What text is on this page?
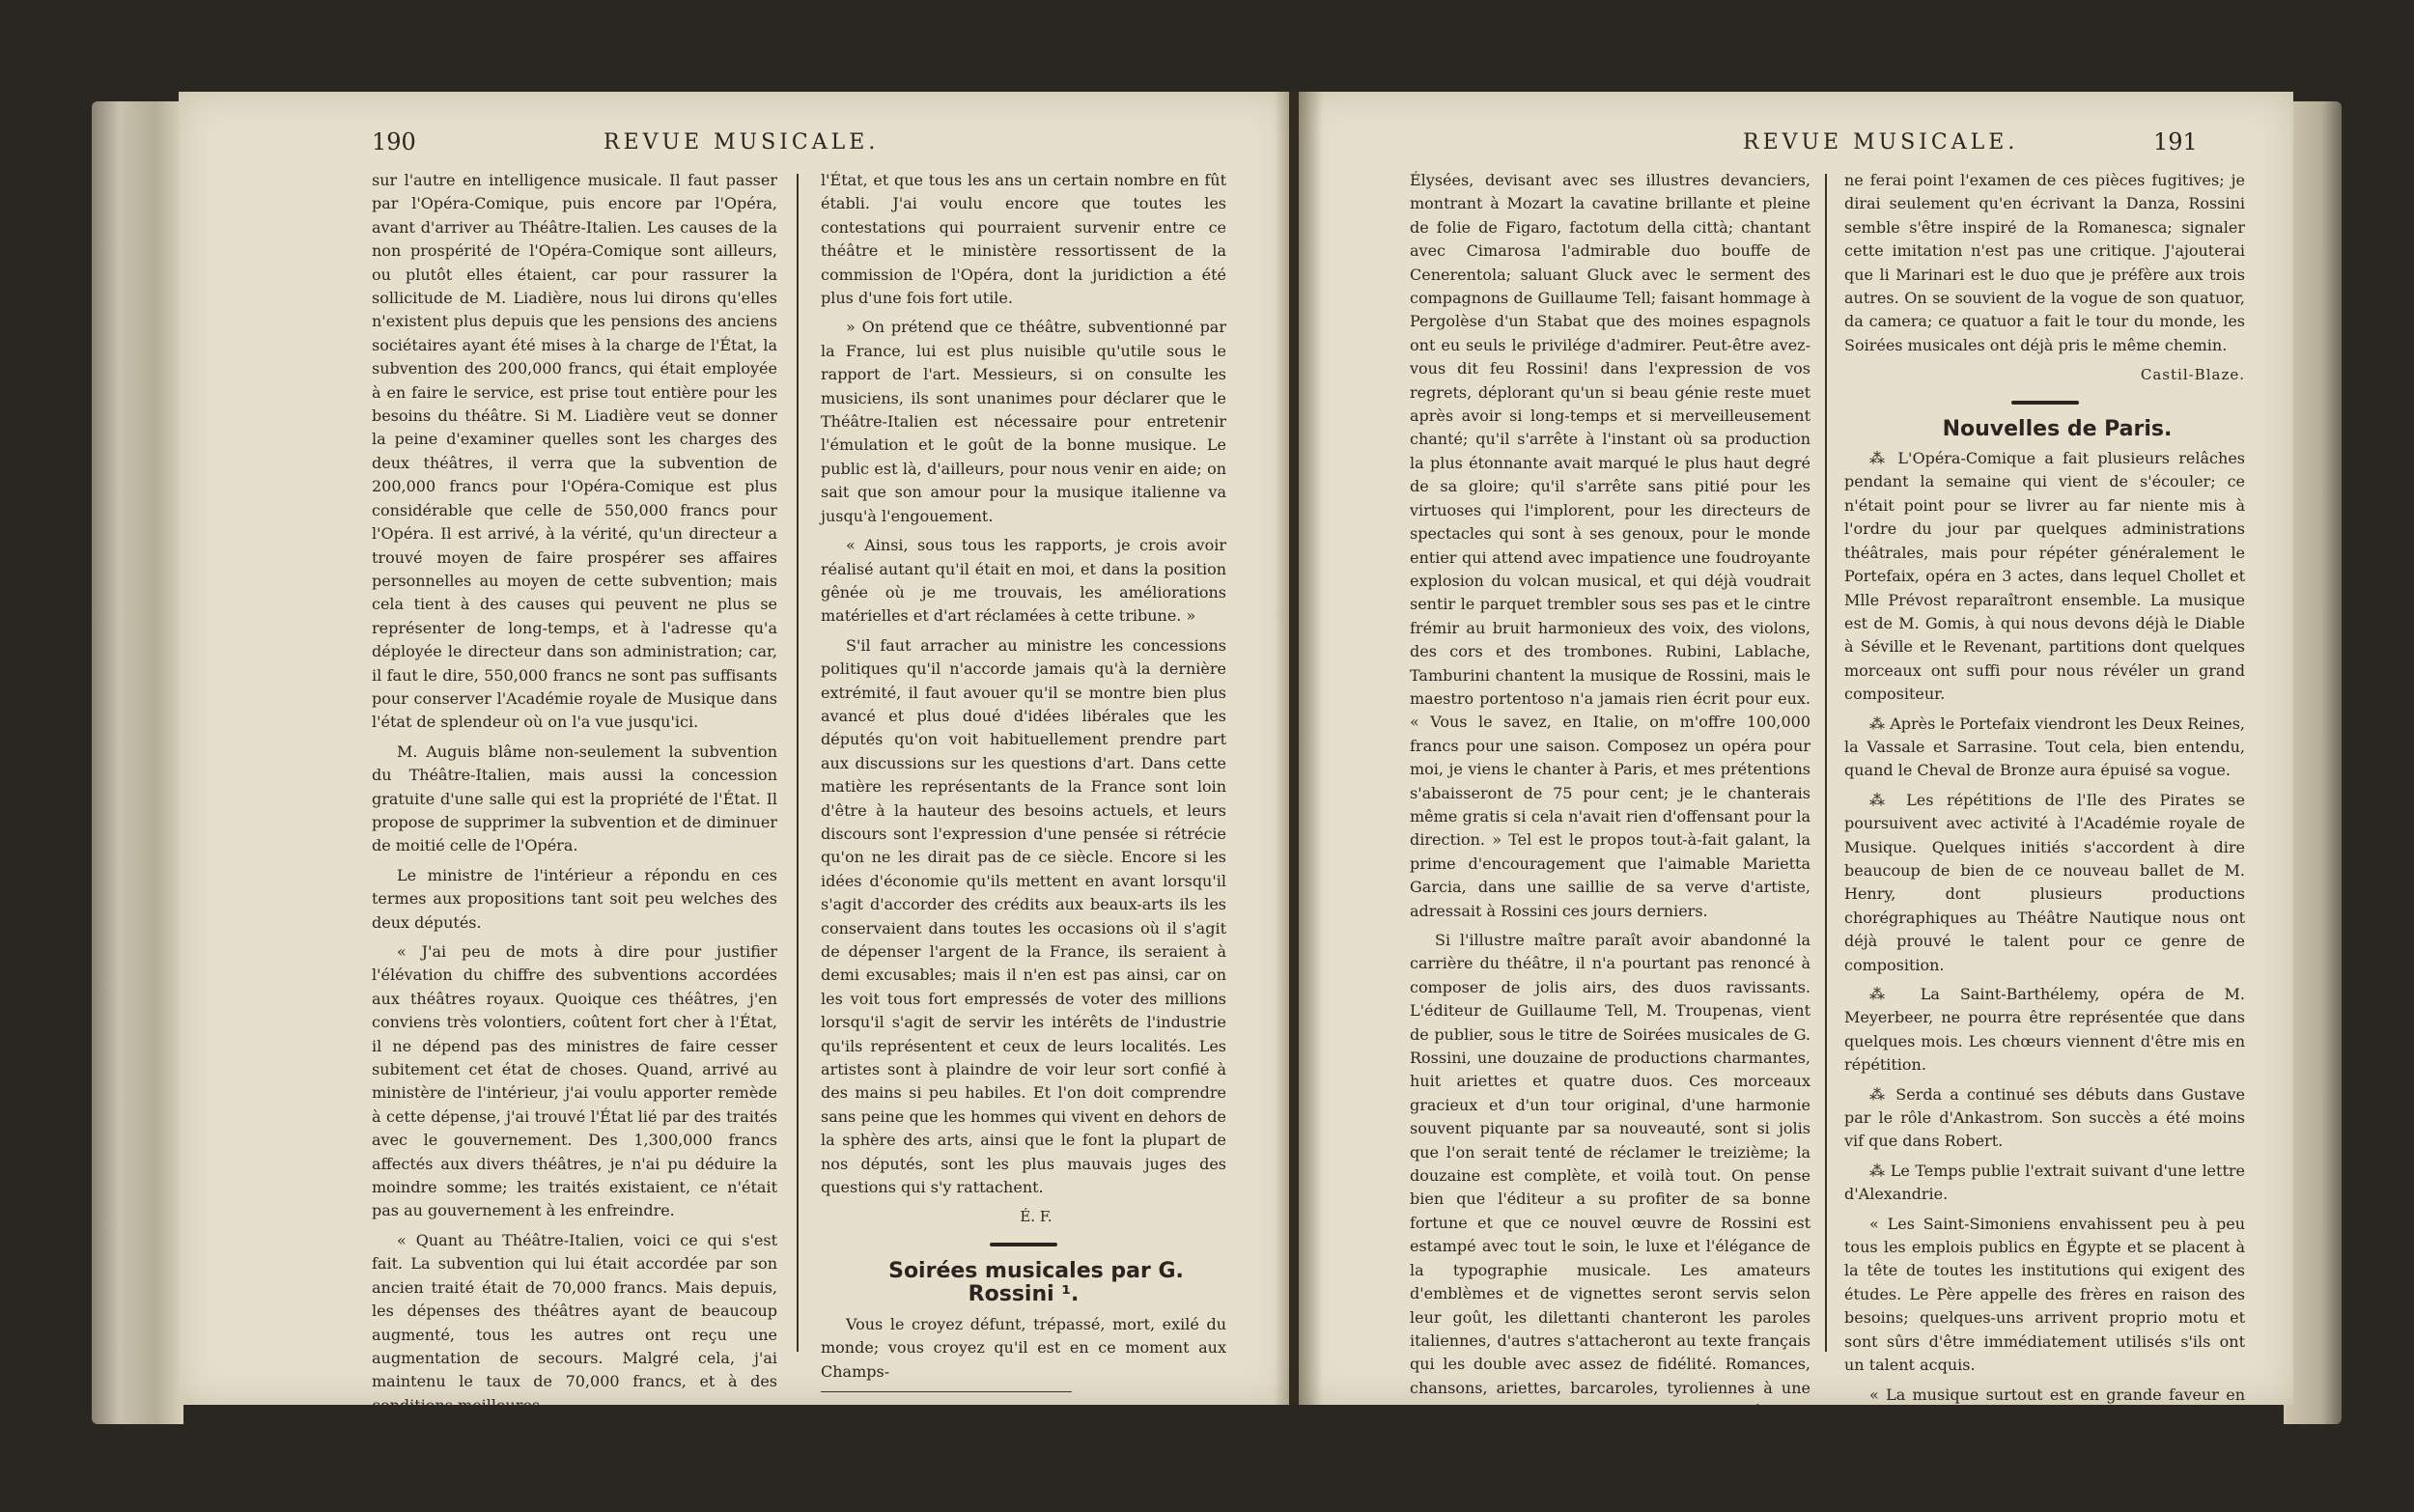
190	REVUE MUSICALE.

sur l'autre en intelligence musicale. Il faut passer par l'Opéra-Comique, puis encore par l'Opéra, avant d'arriver au Théâtre-Italien. Les causes de la non prospérité de l'Opéra-Comique sont ailleurs, ou plutôt elles étaient, car pour rassurer la sollicitude de M. Liadière, nous lui dirons qu'elles n'existent plus depuis que les pensions des anciens sociétaires ayant été mises à la charge de l'État, la subvention des 200,000 francs, qui était employée à en faire le service, est prise tout entière pour les besoins du théâtre. Si M. Liadière veut se donner la peine d'examiner quelles sont les charges des deux théâtres, il verra que la subvention de 200,000 francs pour l'Opéra-Comique est plus considérable que celle de 550,000 francs pour l'Opéra. Il est arrivé, à la vérité, qu'un directeur a trouvé moyen de faire prospérer ses affaires personnelles au moyen de cette subvention; mais cela tient à des causes qui peuvent ne plus se représenter de long-temps, et à l'adresse qu'a déployée le directeur dans son administration; car, il faut le dire, 550,000 francs ne sont pas suffisants pour conserver l'Académie royale de Musique dans l'état de splendeur où on l'a vue jusqu'ici.

M. Auguis blâme non-seulement la subvention du Théâtre-Italien, mais aussi la concession gratuite d'une salle qui est la propriété de l'État. Il propose de supprimer la subvention et de diminuer de moitié celle de l'Opéra.

Le ministre de l'intérieur a répondu en ces termes aux propositions tant soit peu welches des deux députés.

« J'ai peu de mots à dire pour justifier l'élévation du chiffre des subventions accordées aux théâtres royaux. Quoique ces théâtres, j'en conviens très volontiers, coûtent fort cher à l'État, il ne dépend pas des ministres de faire cesser subitement cet état de choses. Quand, arrivé au ministère de l'intérieur, j'ai voulu apporter remède à cette dépense, j'ai trouvé l'État lié par des traités avec le gouvernement. Des 1,300,000 francs affectés aux divers théâtres, je n'ai pu déduire la moindre somme; les traités existaient, ce n'était pas au gouvernement à les enfreindre.

« Quant au Théâtre-Italien, voici ce qui s'est fait. La subvention qui lui était accordée par son ancien traité était de 70,000 francs. Mais depuis, les dépenses des théâtres ayant de beaucoup augmenté, tous les autres ont reçu une augmentation de secours. Malgré cela, j'ai maintenu le taux de 70,000 francs, et à des conditions meilleures.

« Autrefois les décorations étaient la propriété du directeur; j'ai exigé qu'elles devinssent la propriété de

l'État, et que tous les ans un certain nombre en fût établi. J'ai voulu encore que toutes les contestations qui pourraient survenir entre ce théâtre et le ministère ressortissent de la commission de l'Opéra, dont la juridiction a été plus d'une fois fort utile.

» On prétend que ce théâtre, subventionné par la France, lui est plus nuisible qu'utile sous le rapport de l'art. Messieurs, si on consulte les musiciens, ils sont unanimes pour déclarer que le Théâtre-Italien est nécessaire pour entretenir l'émulation et le goût de la bonne musique. Le public est là, d'ailleurs, pour nous venir en aide; on sait que son amour pour la musique italienne va jusqu'à l'engouement.

« Ainsi, sous tous les rapports, je crois avoir réalisé autant qu'il était en moi, et dans la position gênée où je me trouvais, les améliorations matérielles et d'art réclamées à cette tribune. »

S'il faut arracher au ministre les concessions politiques qu'il n'accorde jamais qu'à la dernière extrémité, il faut avouer qu'il se montre bien plus avancé et plus doué d'idées libérales que les députés qu'on voit habituellement prendre part aux discussions sur les questions d'art. Dans cette matière les représentants de la France sont loin d'être à la hauteur des besoins actuels, et leurs discours sont l'expression d'une pensée si rétrécie qu'on ne les dirait pas de ce siècle. Encore si les idées d'économie qu'ils mettent en avant lorsqu'il s'agit d'accorder des crédits aux beaux-arts ils les conservaient dans toutes les occasions où il s'agit de dépenser l'argent de la France, ils seraient à demi excusables; mais il n'en est pas ainsi, car on les voit tous fort empressés de voter des millions lorsqu'il s'agit de servir les intérêts de l'industrie qu'ils représentent et ceux de leurs localités. Les artistes sont à plaindre de voir leur sort confié à des mains si peu habiles. Et l'on doit comprendre sans peine que les hommes qui vivent en dehors de la sphère des arts, ainsi que le font la plupart de nos députés, sont les plus mauvais juges des questions qui s'y rattachent.

É. F.

Soirées musicales par G. Rossini ¹.

Vous le croyez défunt, trépassé, mort, exilé du monde; vous croyez qu'il est en ce moment aux Champs-

(1) Huit ariettes et quatre duos italiens composés avec accompagnement de piano. — Prix net: 10 fr. broché, et 12 fr. relié.

A Paris, au Dépôt central de la musique et de la librairie, rue des Filles-Saint-Thomas, n. 5, place de la Bourse.

REVUE MUSICALE.	191

Élysées, devisant avec ses illustres devanciers, montrant à Mozart la cavatine brillante et pleine de folie de Figaro, factotum della città; chantant avec Cimarosa l'admirable duo bouffe de Cenerentola; saluant Gluck avec le serment des compagnons de Guillaume Tell; faisant hommage à Pergolèse d'un Stabat que des moines espagnols ont eu seuls le privilége d'admirer. Peut-être avez-vous dit feu Rossini! dans l'expression de vos regrets, déplorant qu'un si beau génie reste muet après avoir si long-temps et si merveilleusement chanté; qu'il s'arrête à l'instant où sa production la plus étonnante avait marqué le plus haut degré de sa gloire; qu'il s'arrête sans pitié pour les virtuoses qui l'implorent, pour les directeurs de spectacles qui sont à ses genoux, pour le monde entier qui attend avec impatience une foudroyante explosion du volcan musical, et qui déjà voudrait sentir le parquet trembler sous ses pas et le cintre frémir au bruit harmonieux des voix, des violons, des cors et des trombones. Rubini, Lablache, Tamburini chantent la musique de Rossini, mais le maestro portentoso n'a jamais rien écrit pour eux. « Vous le savez, en Italie, on m'offre 100,000 francs pour une saison. Composez un opéra pour moi, je viens le chanter à Paris, et mes prétentions s'abaisseront de 75 pour cent; je le chanterais même gratis si cela n'avait rien d'offensant pour la direction. » Tel est le propos tout-à-fait galant, la prime d'encouragement que l'aimable Marietta Garcia, dans une saillie de sa verve d'artiste, adressait à Rossini ces jours derniers.

Si l'illustre maître paraît avoir abandonné la carrière du théâtre, il n'a pourtant pas renoncé à composer de jolis airs, des duos ravissants. L'éditeur de Guillaume Tell, M. Troupenas, vient de publier, sous le titre de Soirées musicales de G. Rossini, une douzaine de productions charmantes, huit ariettes et quatre duos. Ces morceaux gracieux et d'un tour original, d'une harmonie souvent piquante par sa nouveauté, sont si jolis que l'on serait tenté de réclamer le treizième; la douzaine est complète, et voilà tout. On pense bien que l'éditeur a su profiter de sa bonne fortune et que ce nouvel œuvre de Rossini est estampé avec tout le soin, le luxe et l'élégance de la typographie musicale. Les amateurs d'emblèmes et de vignettes seront servis selon leur goût, les dilettanti chanteront les paroles italiennes, d'autres s'attacheront au texte français qui les double avec assez de fidélité. Romances, chansons, ariettes, barcaroles, tyroliennes à une ou deux voix, tels sont les sujets variés que l'auteur a traités avec la supériorité de son talent et la vivacité de son imagination toujours jeune et féconde. Je

ne ferai point l'examen de ces pièces fugitives; je dirai seulement qu'en écrivant la Danza, Rossini semble s'être inspiré de la Romanesca; signaler cette imitation n'est pas une critique. J'ajouterai que li Marinari est le duo que je préfère aux trois autres. On se souvient de la vogue de son quatuor, da camera; ce quatuor a fait le tour du monde, les Soirées musicales ont déjà pris le même chemin.

Castil-Blaze.

Nouvelles de Paris.

⁂ L'Opéra-Comique a fait plusieurs relâches pendant la semaine qui vient de s'écouler; ce n'était point pour se livrer au far niente mis à l'ordre du jour par quelques administrations théâtrales, mais pour répéter généralement le Portefaix, opéra en 3 actes, dans lequel Chollet et Mlle Prévost reparaîtront ensemble. La musique est de M. Gomis, à qui nous devons déjà le Diable à Séville et le Revenant, partitions dont quelques morceaux ont suffi pour nous révéler un grand compositeur.

⁂ Après le Portefaix viendront les Deux Reines, la Vassale et Sarrasine. Tout cela, bien entendu, quand le Cheval de Bronze aura épuisé sa vogue.

⁂ Les répétitions de l'Ile des Pirates se poursuivent avec activité à l'Académie royale de Musique. Quelques initiés s'accordent à dire beaucoup de bien de ce nouveau ballet de M. Henry, dont plusieurs productions chorégraphiques au Théâtre Nautique nous ont déjà prouvé le talent pour ce genre de composition.

⁂ La Saint-Barthélemy, opéra de M. Meyerbeer, ne pourra être représentée que dans quelques mois. Les chœurs viennent d'être mis en répétition.

⁂ Serda a continué ses débuts dans Gustave par le rôle d'Ankastrom. Son succès a été moins vif que dans Robert.

⁂ Le Temps publie l'extrait suivant d'une lettre d'Alexandrie.

« Les Saint-Simoniens envahissent peu à peu tous les emplois publics en Égypte et se placent à la tête de toutes les institutions qui exigent des études. Le Père appelle des frères en raison des besoins; quelques-uns arrivent proprio motu et sont sûrs d'être immédiatement utilisés s'ils ont un talent acquis.

« La musique surtout est en grande faveur en Égypte, grace aux nouveaux apôtres. Presque tous les soirs, au Caire, il y a grande soirée musicale chez Mme Clorinde
